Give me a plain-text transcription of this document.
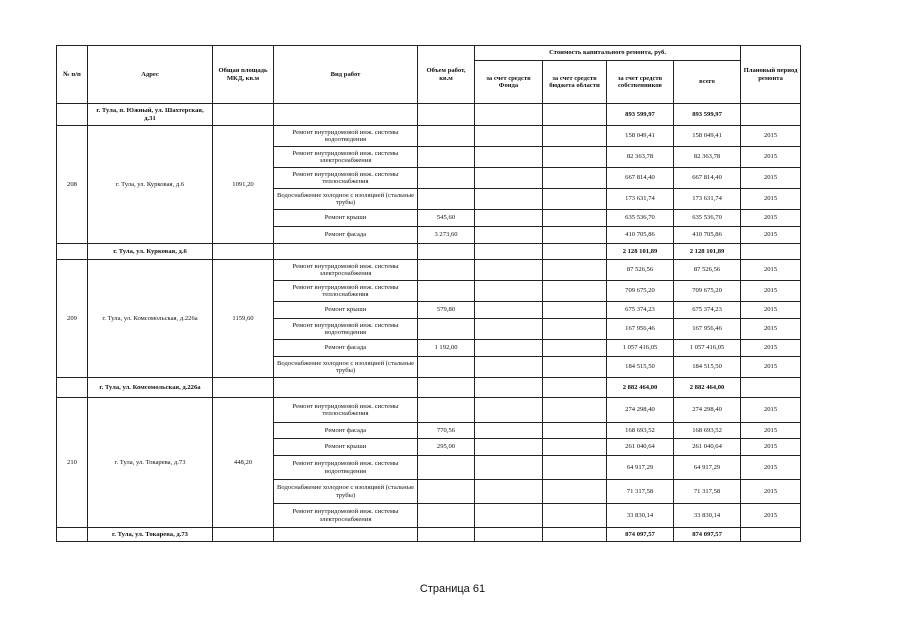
№ п/п	Адрес	Общая площадь МКД, кв.м	Вид работ	Объем работ, кв.м	Стоимость капитального ремонта, руб.				Плановый период ремонта
					за счет средств Фонда	за счет средств бюджета области	за счет средств собственников	всего	
	г. Тула, п. Южный, ул. Шахтерская, д.31						893 599,97	893 599,97	
208	г. Тула, ул. Курковая, д.6	1091,20	Ремонт внутридомовой инж. системы водоотведения				158 049,41	158 049,41	2015
			Ремонт внутридомовой инж. системы электроснабжения				82 363,78	82 363,78	2015
			Ремонт внутридомовой инж. системы теплоснабжения				667 814,40	667 814,40	2015
			Водоснабжение холодное с изоляцией (стальные трубы)				173 631,74	173 631,74	2015
			Ремонт крыши	545,60			635 536,70	635 536,70	2015
			Ремонт фасада	3 273,60			410 705,86	410 705,86	2015
	г. Тула, ул. Курковая, д.6						2 128 101,89	2 128 101,89	
209	г. Тула, ул. Комсомольская, д.226а	1159,60	Ремонт внутридомовой инж. системы электроснабжения				87 526,56	87 526,56	2015
			Ремонт внутридомовой инж. системы теплоснабжения				709 675,20	709 675,20	2015
			Ремонт крыши	579,80			675 374,23	675 374,23	2015
			Ремонт внутридомовой инж. системы водоотведения				167 956,46	167 956,46	2015
			Ремонт фасада	1 192,00			1 057 416,05	1 057 416,05	2015
			Водоснабжение холодное с изоляцией (стальные трубы)				184 515,50	184 515,50	2015
	г. Тула, ул. Комсомольская, д.226а						2 882 464,00	2 882 464,00	
210	г. Тула, ул. Токарева, д.73	448,20	Ремонт внутридомовой инж. системы теплоснабжения				274 298,40	274 298,40	2015
			Ремонт фасада	770,56			168 693,52	168 693,52	2015
			Ремонт крыши	295,00			261 040,64	261 040,64	2015
			Ремонт внутридомовой инж. системы водоотведения				64 917,29	64 917,29	2015
			Водоснабжение холодное с изоляцией (стальные трубы)				71 317,58	71 317,58	2015
			Ремонт внутридомовой инж. системы электроснабжения				33 830,14	33 830,14	2015
	г. Тула, ул. Токарева, д.73						874 097,57	874 097,57	
Страница 61
